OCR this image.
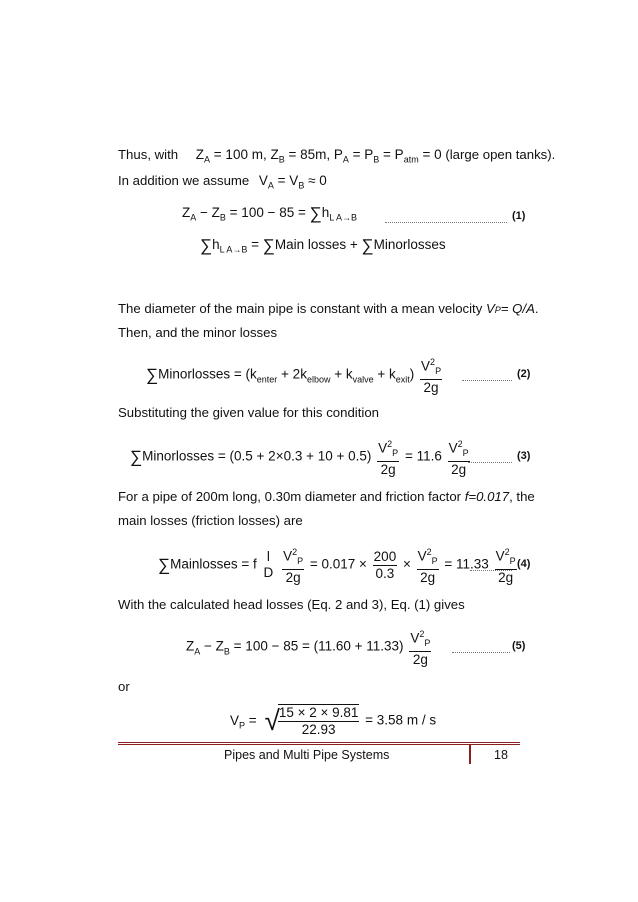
Thus, with $Z_A = 100$ m, $Z_B = 85m$, $P_A = P_B = P_{atm} = 0$ (large open tanks).
In addition we assume $V_A = V_B \approx 0$
$Z_A - Z_B = 100 - 85 = \sum h_{L A\to B}$	(1)
$\sum h_{L A\to B}$ = ∑Main losses + ∑Minorlosses
The diameter of the main pipe is constant with a mean velocity VP= Q/A.
Then, and the minor losses
∑Minorlosses = $(k_{enter} + 2k_{elbow} + k_{valve} + k_{exit}) \frac{V^2_P}{2g}$	(2)
Substituting the given value for this condition
∑Minorlosses = $(0.5 + 2\times 0.3 + 10 + 0.5) \frac{V^2_P}{2g} = 11.6 \frac{V^2_P}{2g}$	(3)
For a pipe of 200m long, 0.30m diameter and friction factor f=0.017, the
main losses (friction losses) are
∑Mainlosses = f
l
D
$\frac{V^2_P}{2g} = 0.017 \times \frac{200}{0.3} \times \frac{V^2_P}{2g} = 11.33 \frac{V^2_P}{2g} (4)$
With the calculated head losses (Eq. 2 and 3), Eq. (1) gives
$Z_A - Z_B = 100 - 85 = (11.60 + 11.33) \frac{V^2_P}{2g}$	(5)
or
$V_P$ = √
$\frac{15 \times 2 \times 9.81}{22.93} = 3.58$ m / s
Pipes and Multi Pipe Systems	18
